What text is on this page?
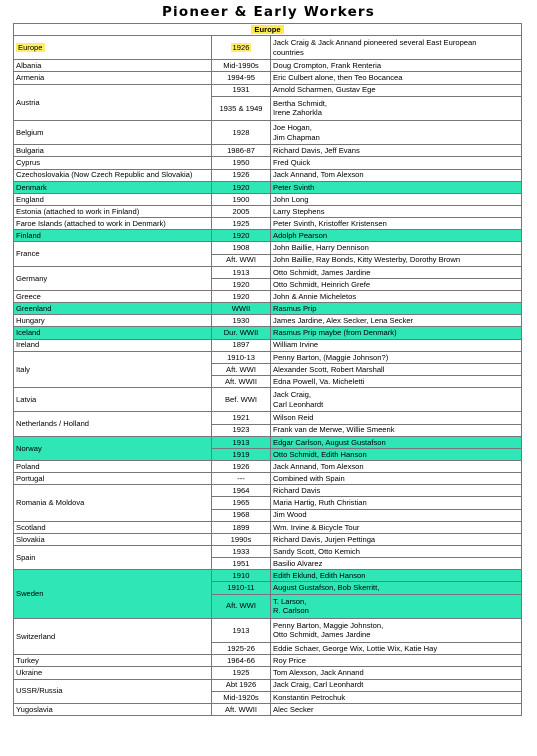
Pioneer & Early Workers
Europe		
Europe	1926	Jack Craig & Jack Annand pioneered several East European
countries

Albania	Mid-1990s	Doug Crompton, Frank Renteria

Armenia	1994-95	Eric Culbert alone, then Teo Bocancea

Austria	1931	Arnold Scharmen, Gustav Ege

	1935 & 1949	Bertha Schmidt,
Irene Zahorkla

Belgium	1928	Joe Hogan,
Jim Chapman

Bulgaria	1986-87	Richard Davis, Jeff Evans

Cyprus	1950	Fred Quick

Czechoslovakia (Now Czech Republic and Slovakia)	1926	Jack Annand, Tom Alexson

Denmark	1920	Peter Svinth

England	1900	John Long

Estonia (attached to work in Finland)	2005	Larry Stephens

Faroe Islands (attached to work in Denmark)	1925	Peter Svinth, Kristoffer Kristensen

Finland	1920	Adolph Pearson

France	1908	John Baillie, Harry Dennison

	Aft. WWI	John Baillie, Ray Bonds, Kitty Westerby, Dorothy Brown

Germany	1913	Otto Schmidt, James Jardine

	1920	Otto Schmidt, Heinrich Grefe

Greece	1920	John & Annie Micheletos

Greenland	WWII	Rasmus Prip

Hungary	1930	James Jardine, Alex Secker, Lena Secker

Iceland	Dur. WWII	Rasmus Prip maybe (from Denmark)

Ireland	1897	William Irvine

Italy	1910-13	Penny Barton, (Maggie Johnson?)

	Aft. WWI	Alexander Scott, Robert Marshall

	Aft. WWII	Edna Powell, Va. Micheletti

Latvia	Bef. WWI	Jack Craig,
Carl Leonhardt

Netherlands / Holland	1921	Wilson Reid

	1923	Frank van de Merwe, Willie Smeenk

Norway	1913	Edgar Carlson, August Gustafson

	1919	Otto Schmidt, Edith Hanson

Poland	1926	Jack Annand, Tom Alexson

Portugal	---	Combined with Spain

Romania & Moldova	1964	Richard Davis

	1965	Maria Hartig, Ruth Christian

	1968	Jim Wood

Scotland	1899	Wm. Irvine & Bicycle Tour

Slovakia	1990s	Richard Davis, Jurjen Pettinga

Spain	1933	Sandy Scott, Otto Kemich

	1951	Basilio Alvarez

Sweden	1910	Edith Eklund, Edith Hanson

	1910-11	August Gustafson, Bob Skerritt,

	Aft. WWI	T. Larson,
R. Carlson

Switzerland	1913	Penny Barton, Maggie Johnston,
Otto Schmidt, James Jardine

	1925-26	Eddie Schaer, George Wix, Lottie Wix, Katie Hay

Turkey	1964-66	Roy Price

Ukraine	1925	Tom Alexson, Jack Annand

USSR/Russia	Abt 1926	Jack Craig, Carl Leonhardt

	Mid-1920s	Konstantin Petrochuk

Yugoslavia	Aft. WWII	Alec Secker
